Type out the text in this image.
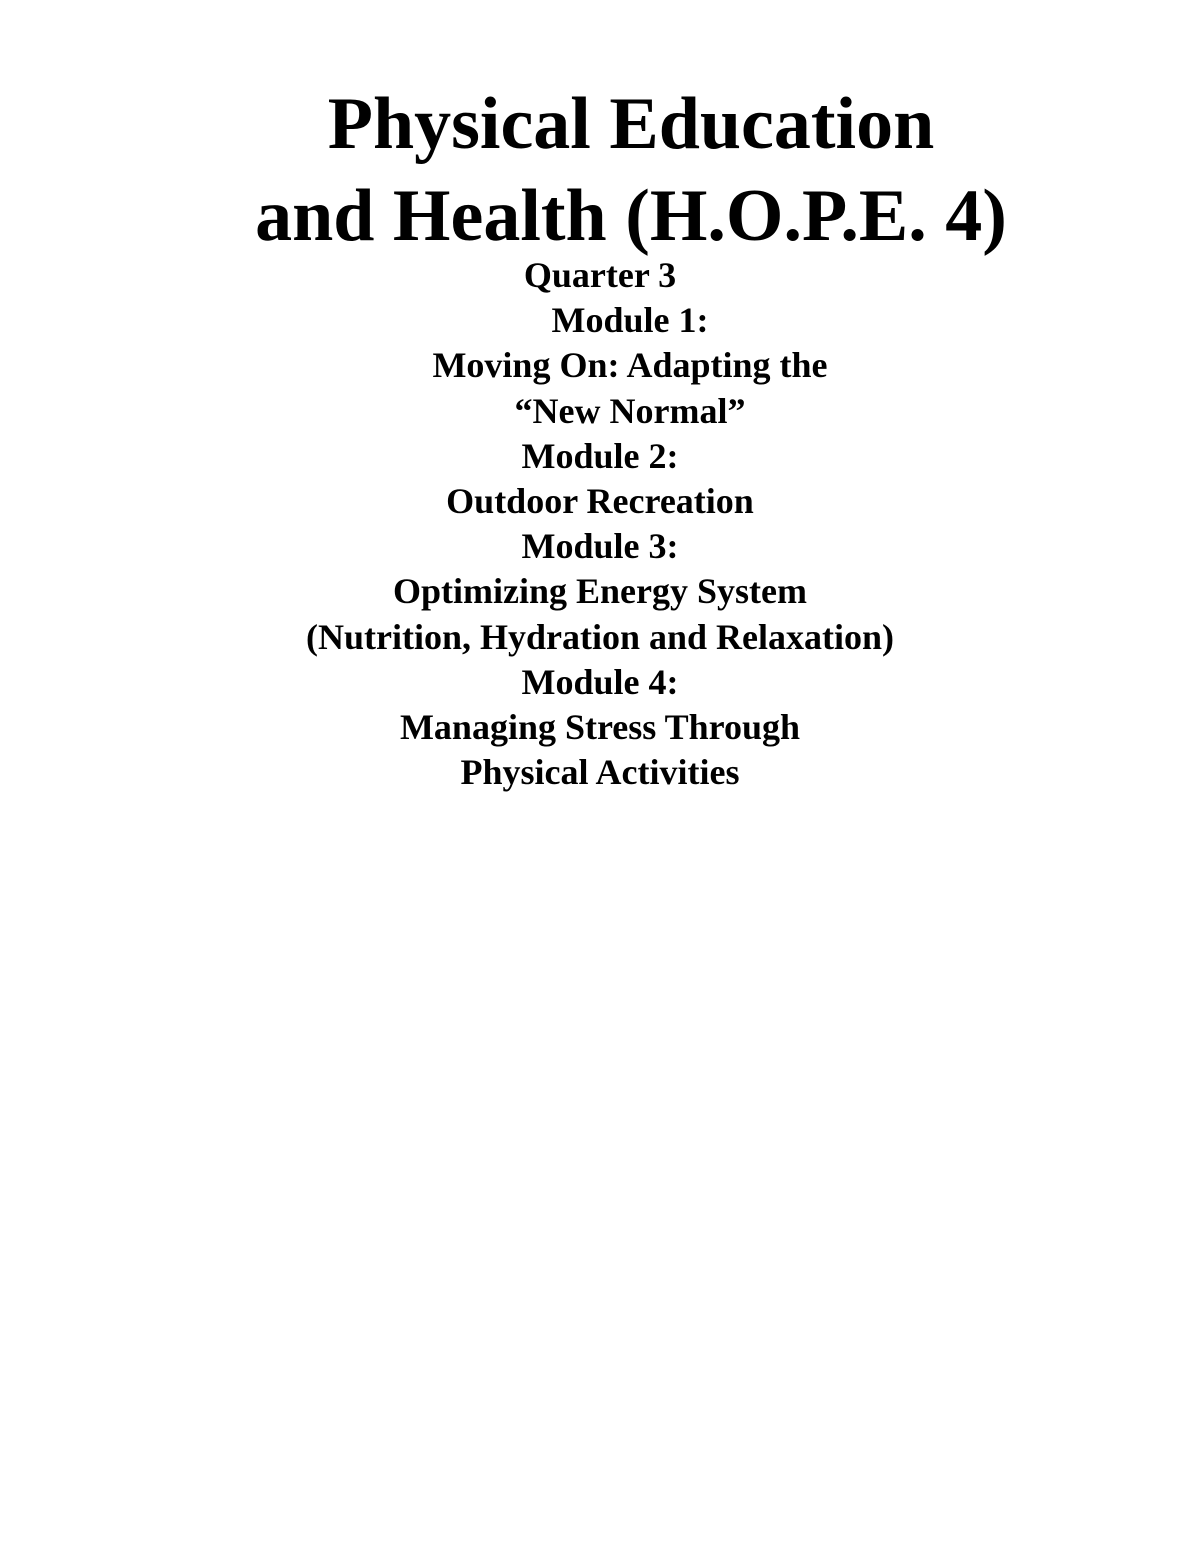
Physical Education
and Health (H.O.P.E. 4)
Quarter 3
Module 1:
Moving On: Adapting the
“New Normal”
Module 2:
Outdoor Recreation
Module 3:
Optimizing Energy System
(Nutrition, Hydration and Relaxation)
Module 4:
Managing Stress Through
Physical Activities
